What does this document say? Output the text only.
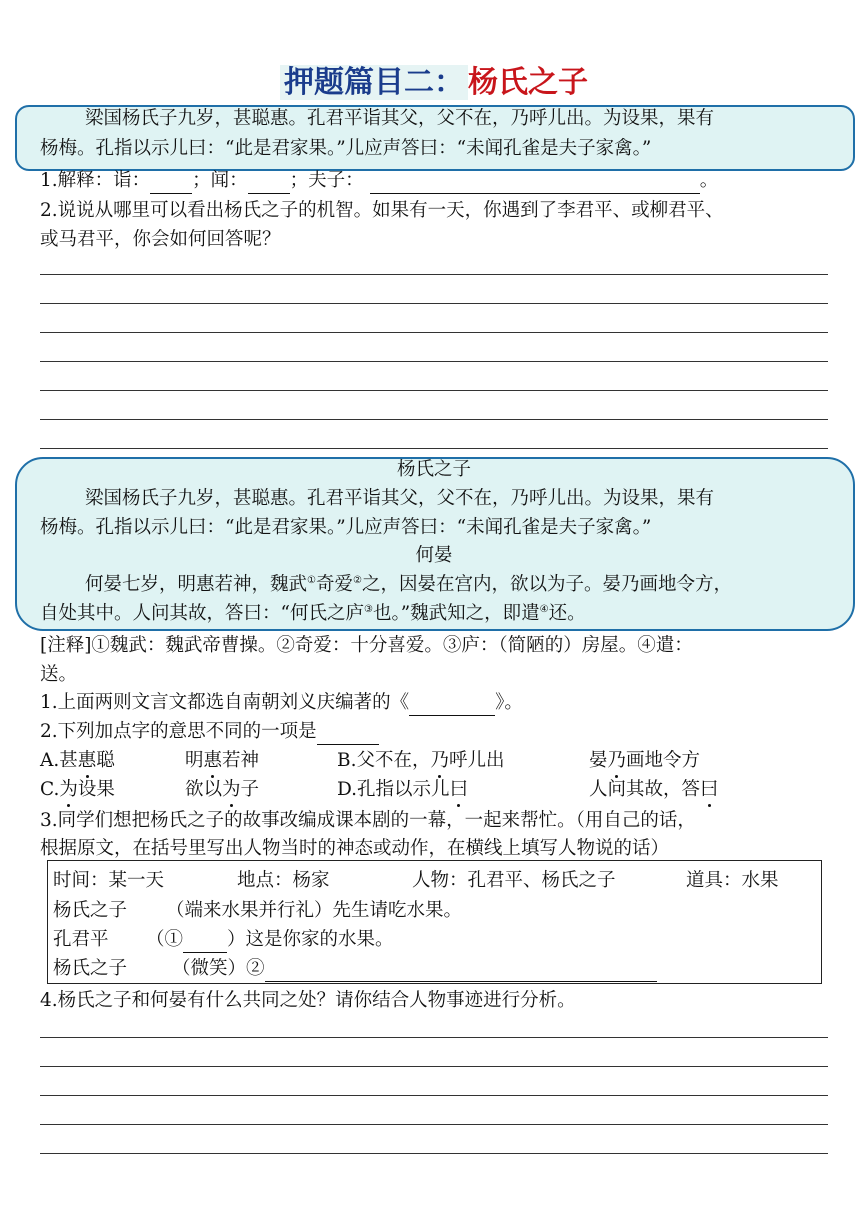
押题篇目二： 杨氏之子
梁国杨氏子九岁，甚聪惠。孔君平诣其父，父不在，乃呼儿出。为设果，果有
杨梅。孔指以示儿曰：“此是君家果。”儿应声答曰：“未闻孔雀是夫子家禽。”
1.解释：诣： ；闻： ；夫子：	。
2.说说从哪里可以看出杨氏之子的机智。如果有一天，你遇到了李君平、或柳君平、
或马君平，你会如何回答呢？
杨氏之子
梁国杨氏子九岁，甚聪惠。孔君平诣其父，父不在，乃呼儿出。为设果，果有
杨梅。孔指以示儿曰：“此是君家果。”儿应声答曰：“未闻孔雀是夫子家禽。”
何晏
何晏七岁，明惠若神，魏武①奇爱②之，因晏在宫内，欲以为子。晏乃画地令方，
自处其中。人问其故，答曰：“何氏之庐③也。”魏武知之，即遣④还。
[注释]①魏武：魏武帝曹操。②奇爱：十分喜爱。③庐：（简陋的）房屋。④遣：
送。
1.上面两则文言文都选自南朝刘义庆编著的《	》。
2.下列加点字的意思不同的一项是
A.甚惠聪	明惠若神	B.父不在，乃呼儿出	晏乃画地令方
C.为设果	欲以为子	D.孔指以示儿曰	人问其故，答曰
3.同学们想把杨氏之子的故事改编成课本剧的一幕，一起来帮忙。（用自己的话，
根据原文，在括号里写出人物当时的神态或动作，在横线上填写人物说的话）
时间：某一天	地点：杨家	人物：孔君平、杨氏之子	道具：水果
杨氏之子 （端来水果并行礼）先生请吃水果。
孔君平 （① ）这是你家的水果。
杨氏之子 （微笑）②
4.杨氏之子和何晏有什么共同之处？请你结合人物事迹进行分析。
